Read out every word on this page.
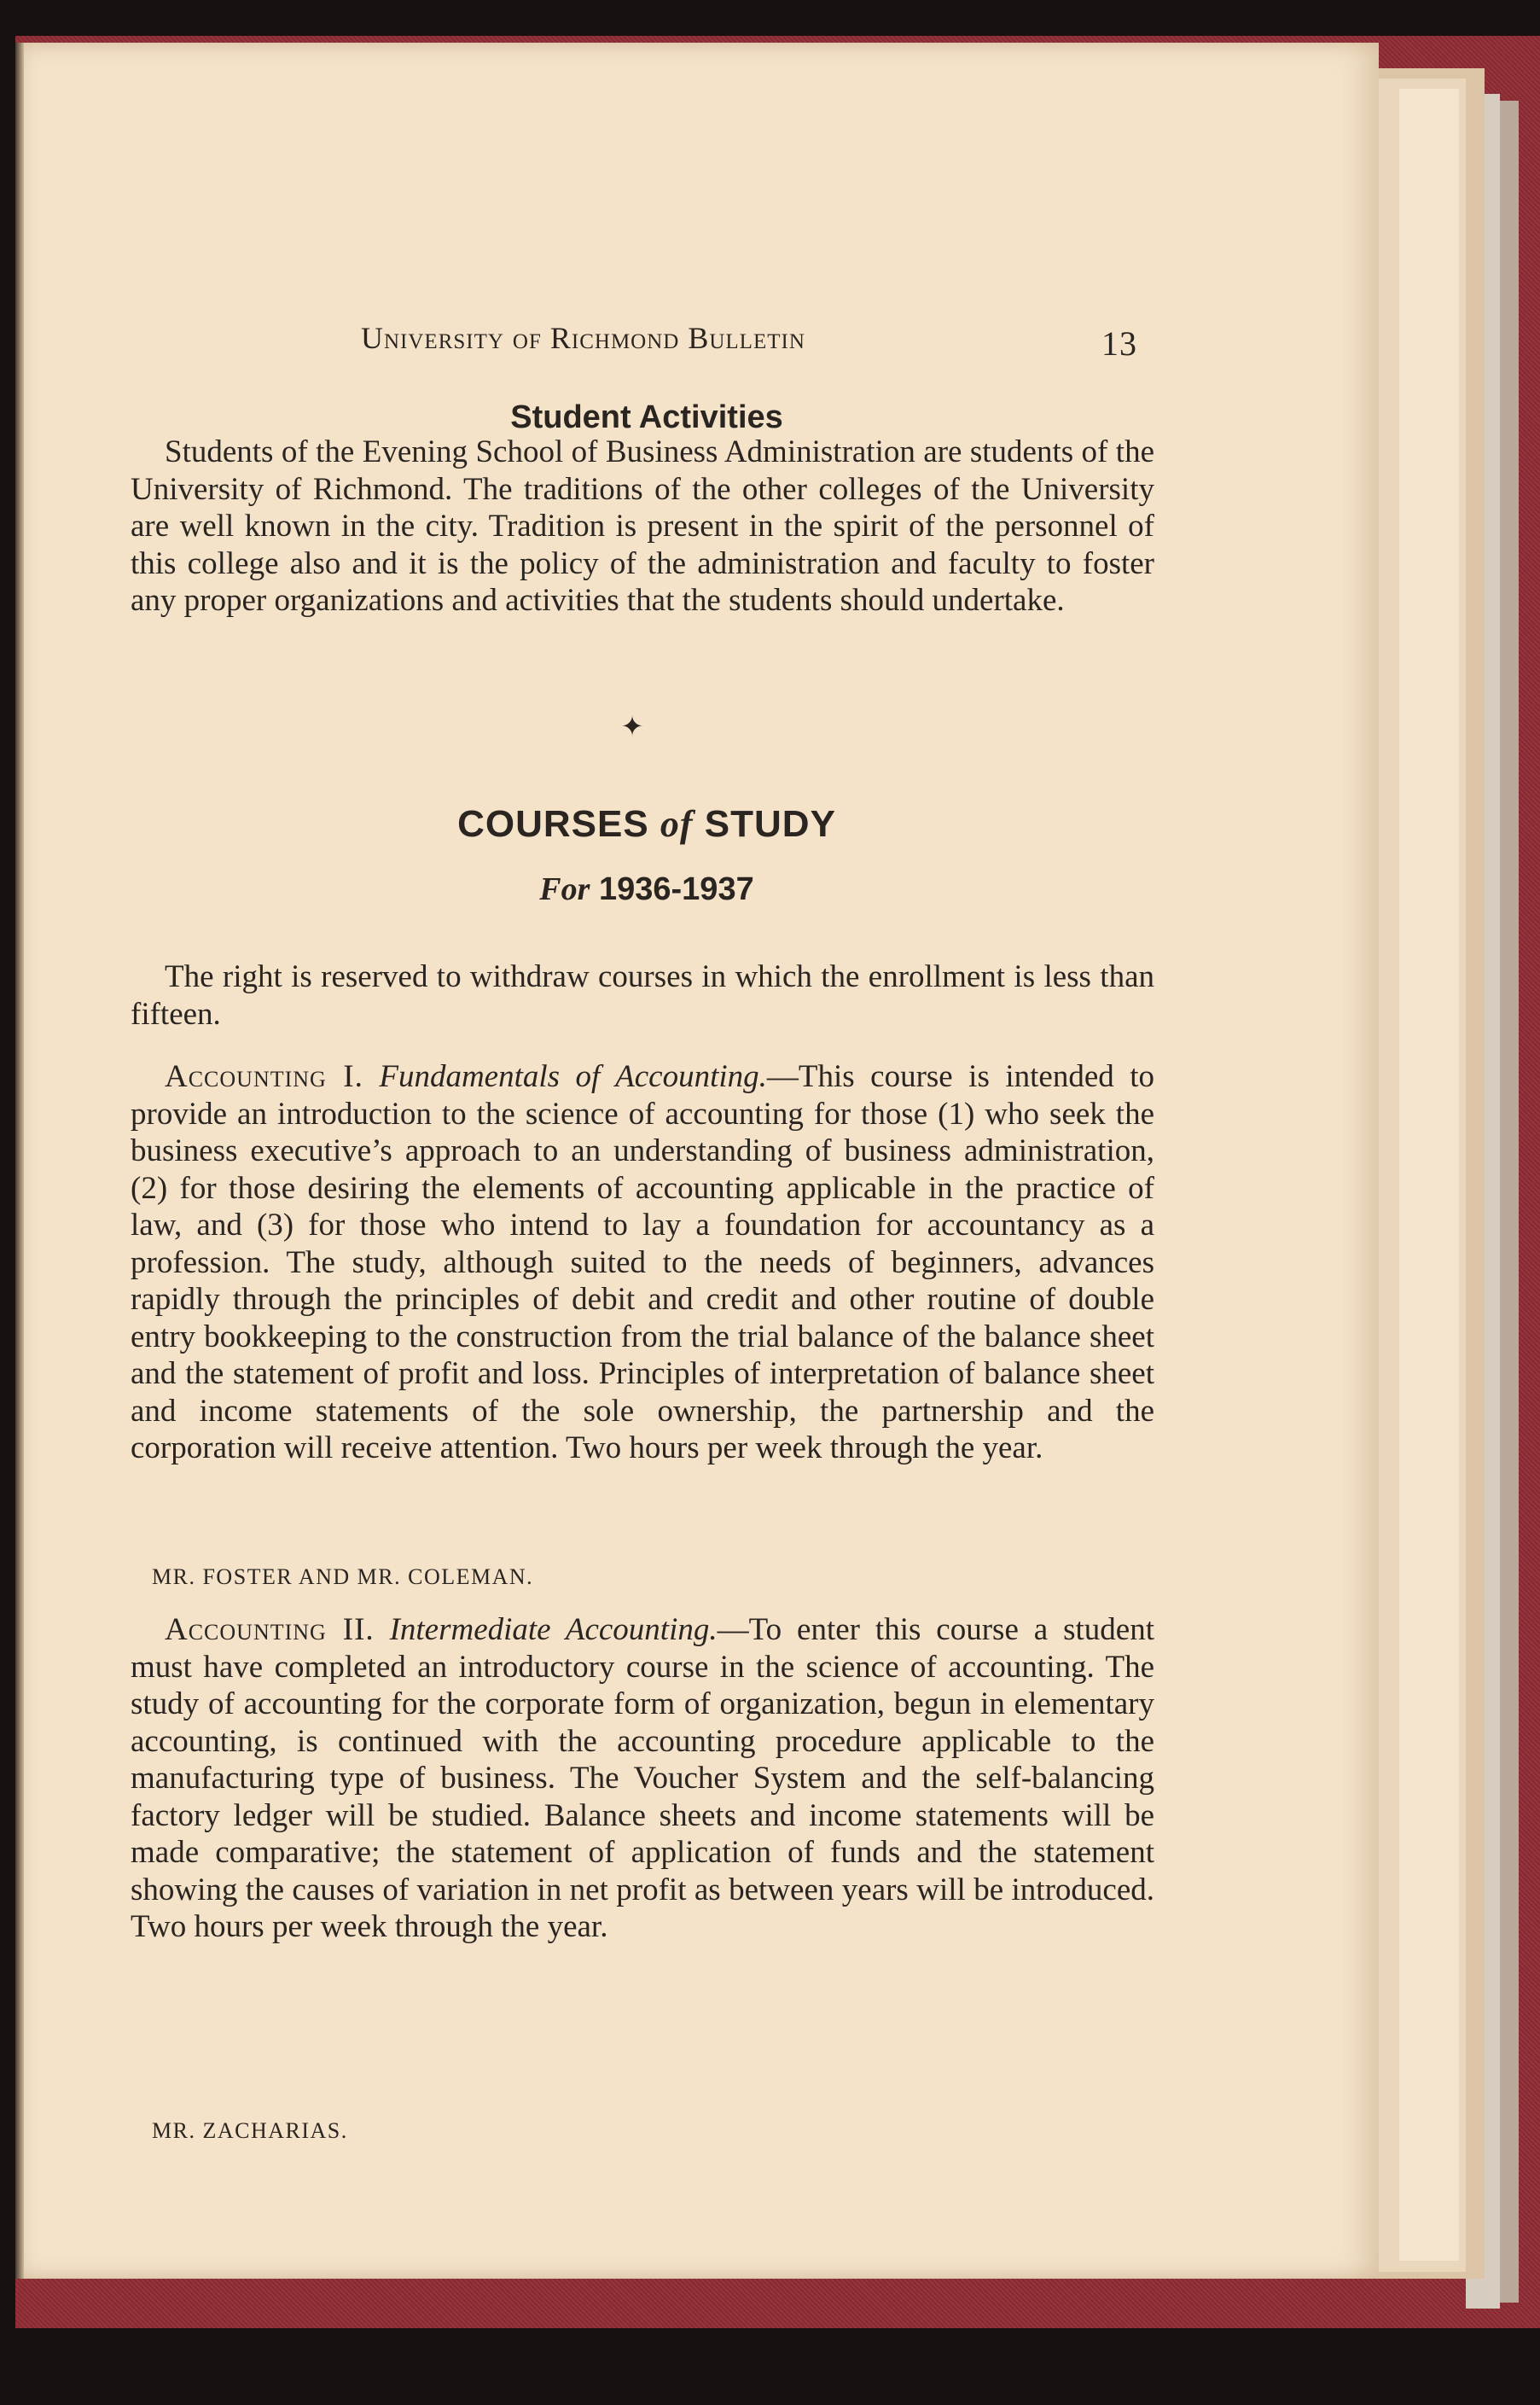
University of Richmond Bulletin	13
Student Activities

Students of the Evening School of Business Administration are students of the University of Richmond. The traditions of the other colleges of the University are well known in the city. Tradition is present in the spirit of the personnel of this college also and it is the policy of the administration and faculty to foster any proper organizations and activities that the students should undertake.

✦
COURSES of STUDY
For 1936-1937

The right is reserved to withdraw courses in which the enrollment is less than fifteen.

Accounting I. Fundamentals of Accounting.—This course is intended to provide an introduction to the science of accounting for those (1) who seek the business executive’s approach to an understanding of business administration, (2) for those desiring the elements of accounting applicable in the practice of law, and (3) for those who intend to lay a foundation for accountancy as a profession. The study, although suited to the needs of beginners, advances rapidly through the principles of debit and credit and other routine of double entry bookkeeping to the construction from the trial balance of the balance sheet and the statement of profit and loss. Principles of interpretation of balance sheet and income statements of the sole ownership, the partnership and the corporation will receive attention. Two hours per week through the year.

MR. FOSTER AND MR. COLEMAN.

Accounting II. Intermediate Accounting.—To enter this course a student must have completed an introductory course in the science of accounting. The study of accounting for the corporate form of organization, begun in elementary accounting, is continued with the accounting procedure applicable to the manufacturing type of business. The Voucher System and the self-balancing factory ledger will be studied. Balance sheets and income statements will be made comparative; the statement of application of funds and the statement showing the causes of variation in net profit as between years will be introduced. Two hours per week through the year.

MR. ZACHARIAS.
